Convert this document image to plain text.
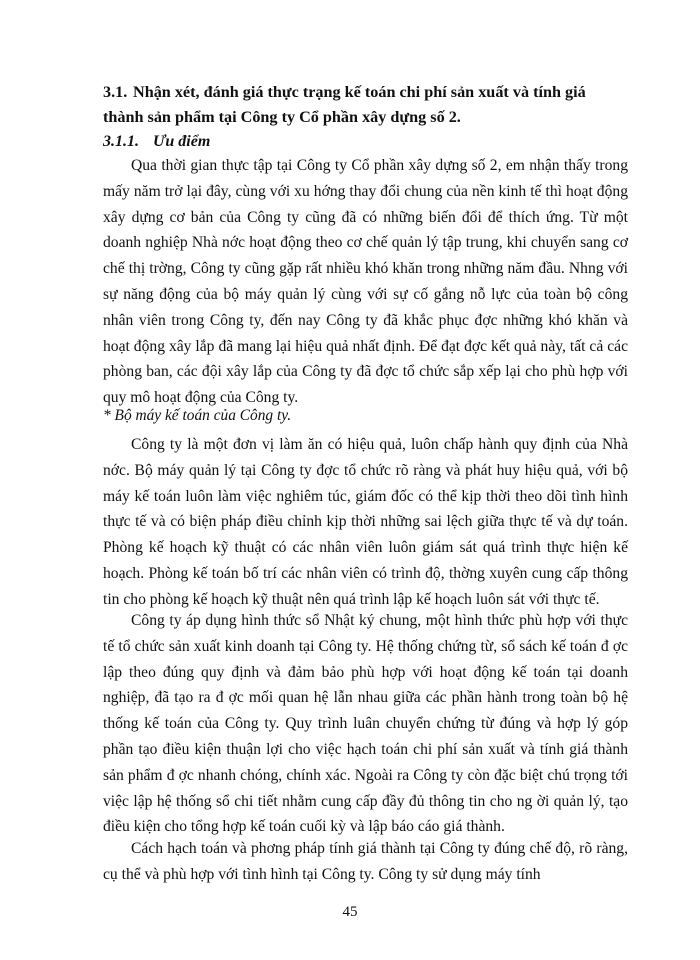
3.1. Nhận xét, đánh giá thực trạng kế toán chi phí sản xuất và tính giá thành sản phẩm tại Công ty Cổ phần xây dựng số 2.
3.1.1. Ưu điểm

Qua thời gian thực tập tại Công ty Cổ phần xây dựng số 2, em nhận thấy trong mấy năm trở lại đây, cùng với xu hớng thay đổi chung của nền kinh tế thì hoạt động xây dựng cơ bản của Công ty cũng đã có những biến đổi để thích ứng. Từ một doanh nghiệp Nhà nớc hoạt động theo cơ chế quản lý tập trung, khi chuyển sang cơ chế thị trờng, Công ty cũng gặp rất nhiều khó khăn trong những năm đầu. Nhng với sự năng động của bộ máy quản lý cùng với sự cố gắng nỗ lực của toàn bộ công nhân viên trong Công ty, đến nay Công ty đã khắc phục đợc những khó khăn và hoạt động xây lắp đã mang lại hiệu quả nhất định. Để đạt đợc kết quả này, tất cả các phòng ban, các đội xây lắp của Công ty đã đợc tổ chức sắp xếp lại cho phù hợp với quy mô hoạt động của Công ty.

* Bộ máy kế toán của Công ty.

Công ty là một đơn vị làm ăn có hiệu quả, luôn chấp hành quy định của Nhà nớc. Bộ máy quản lý tại Công ty đợc tổ chức rõ ràng và phát huy hiệu quả, với bộ máy kế toán luôn làm việc nghiêm túc, giám đốc có thể kịp thời theo dõi tình hình thực tế và có biện pháp điều chỉnh kịp thời những sai lệch giữa thực tế và dự toán. Phòng kế hoạch kỹ thuật có các nhân viên luôn giám sát quá trình thực hiện kế hoạch. Phòng kế toán bố trí các nhân viên có trình độ, thờng xuyên cung cấp thông tin cho phòng kế hoạch kỹ thuật nên quá trình lập kế hoạch luôn sát với thực tế.

Công ty áp dụng hình thức sổ Nhật ký chung, một hình thức phù hợp với thực tế tổ chức sản xuất kinh doanh tại Công ty. Hệ thống chứng từ, sổ sách kế toán đ ợc lập theo đúng quy định và đảm bảo phù hợp với hoạt động kế toán tại doanh nghiệp, đã tạo ra đ ợc mối quan hệ lẫn nhau giữa các phần hành trong toàn bộ hệ thống kế toán của Công ty. Quy trình luân chuyển chứng từ đúng và hợp lý góp phần tạo điều kiện thuận lợi cho việc hạch toán chi phí sản xuất và tính giá thành sản phẩm đ ợc nhanh chóng, chính xác. Ngoài ra Công ty còn đặc biệt chú trọng tới việc lập hệ thống sổ chi tiết nhằm cung cấp đầy đủ thông tin cho ng ời quản lý, tạo điều kiện cho tổng hợp kế toán cuối kỳ và lập báo cáo giá thành.

Cách hạch toán và phơng pháp tính giá thành tại Công ty đúng chế độ, rõ ràng, cụ thể và phù hợp với tình hình tại Công ty. Công ty sử dụng máy tính

45
